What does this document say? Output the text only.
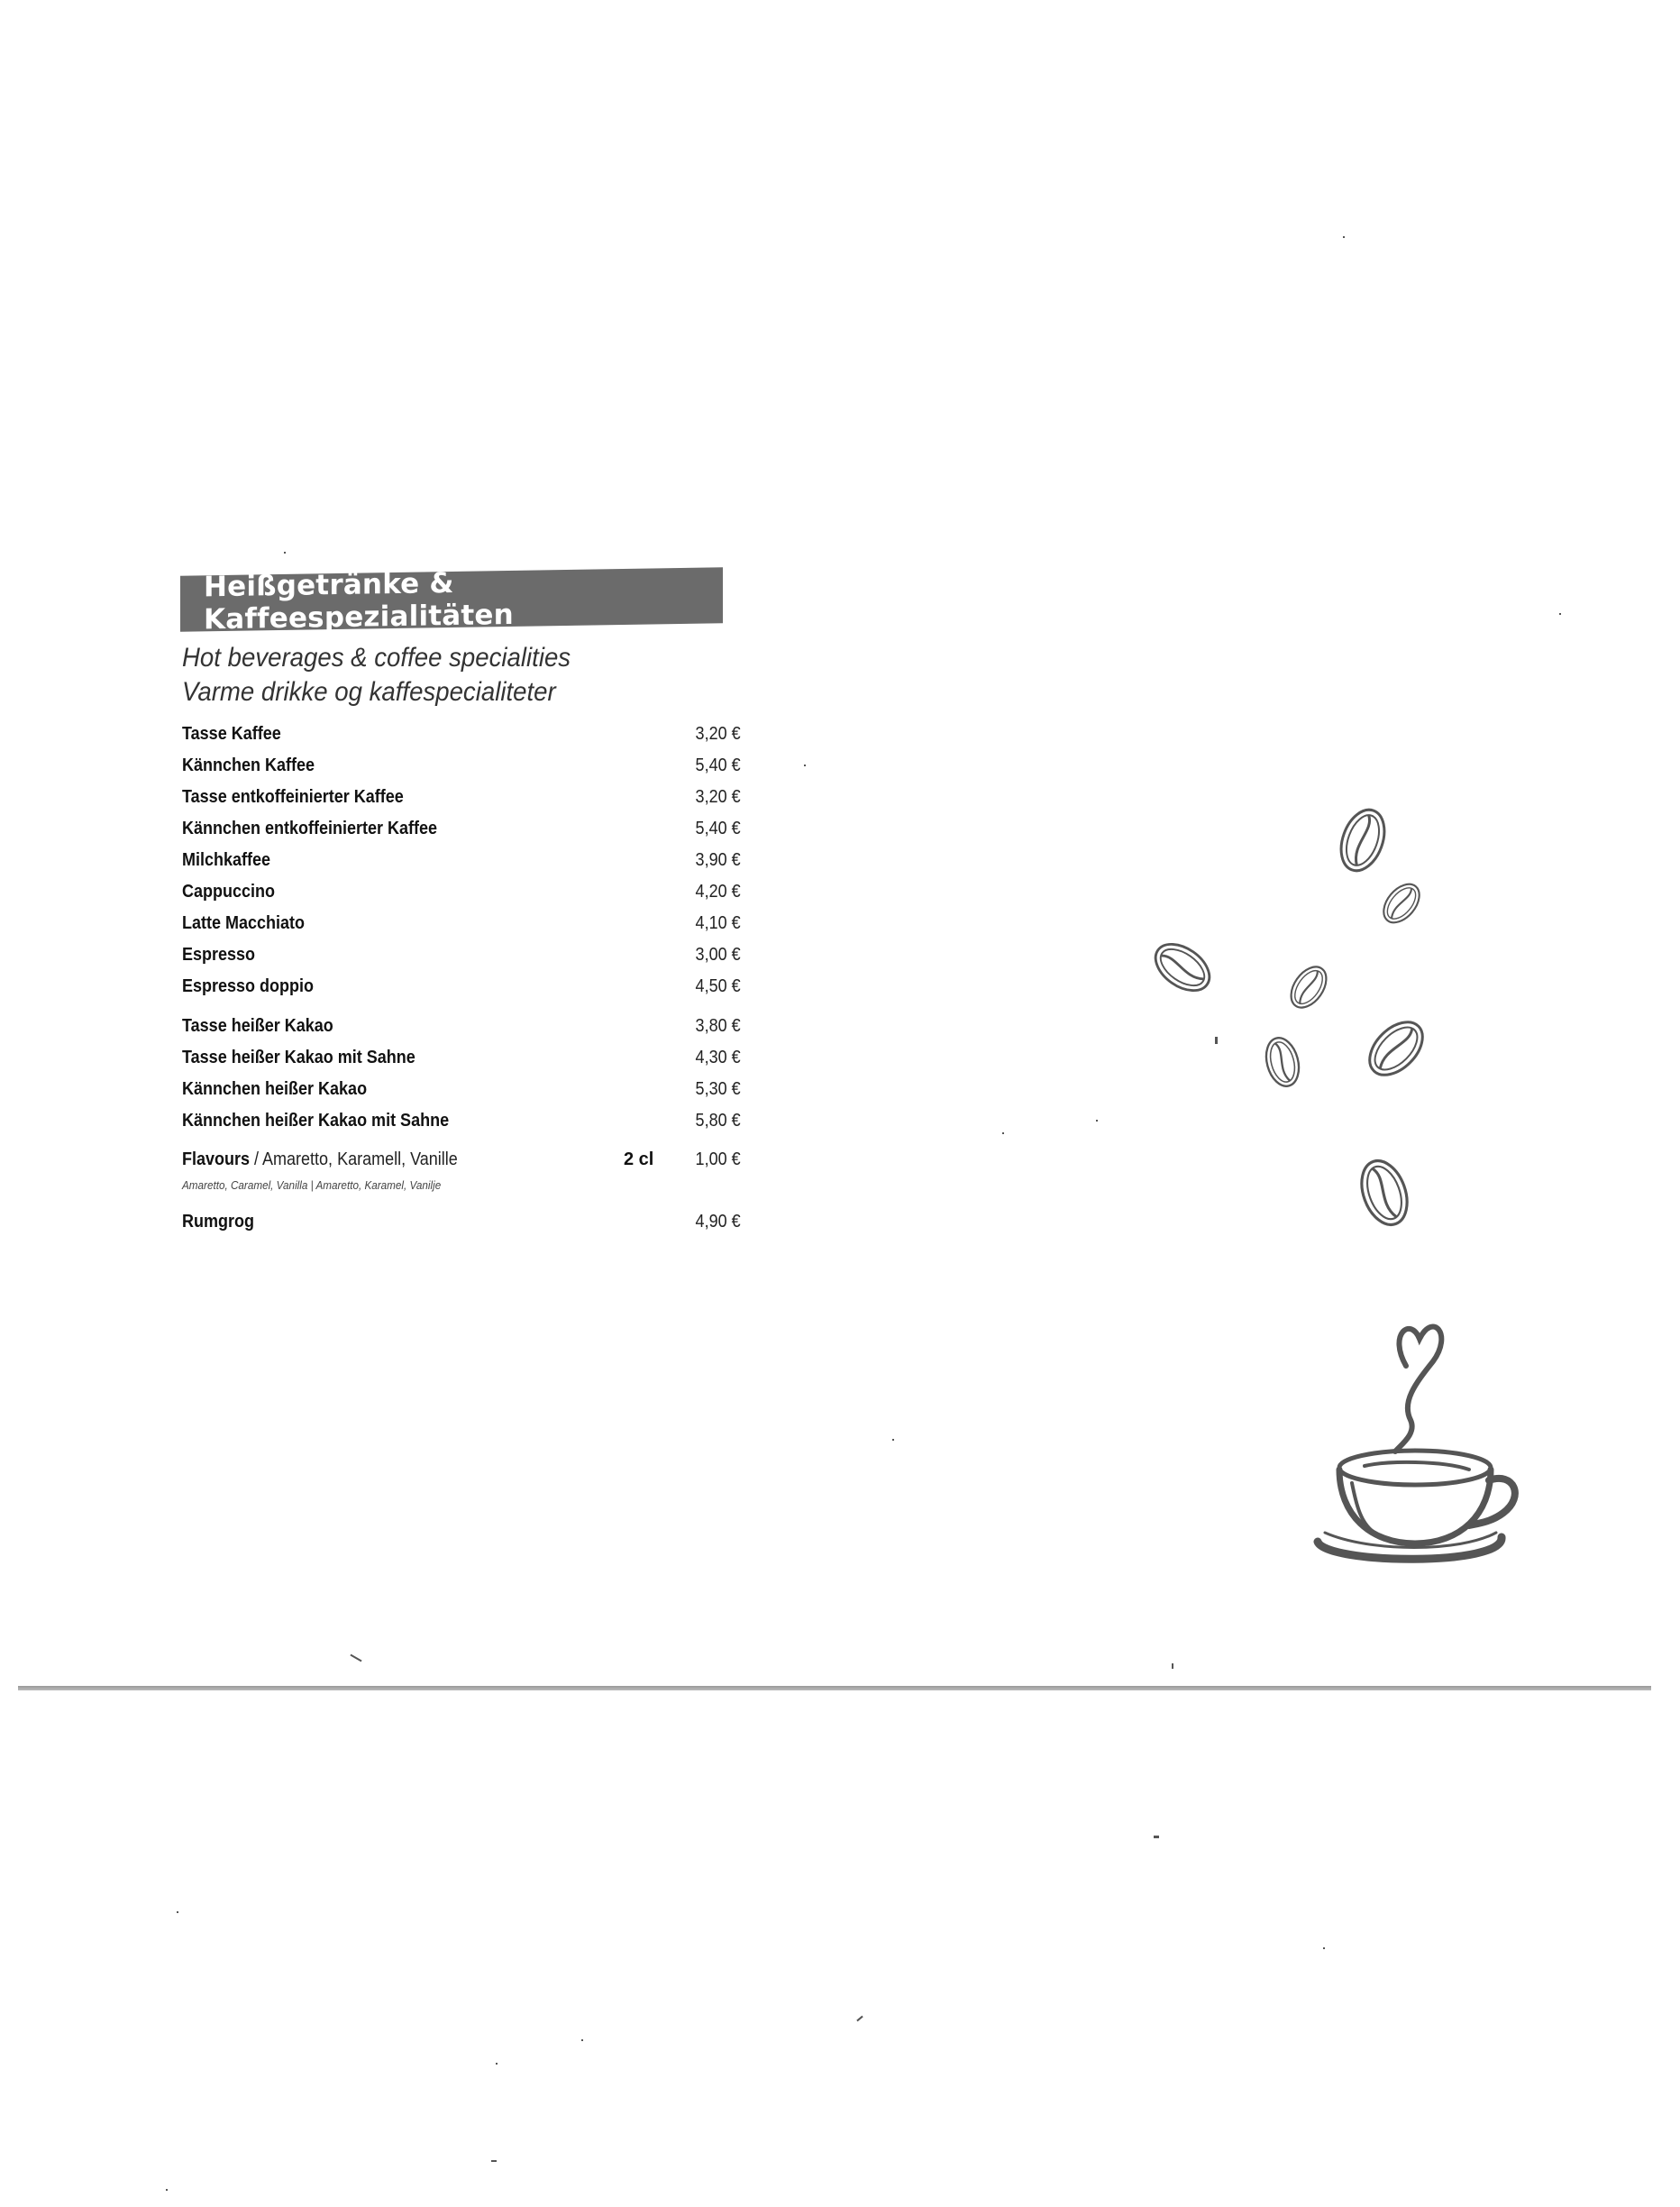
Heißgetränke & Kaffeespezialitäten
Hot beverages & coffee specialities
Varme drikke og kaffespecialiteter
Tasse Kaffee	3,20 €
Kännchen Kaffee	5,40 €
Tasse entkoffeinierter Kaffee	3,20 €
Kännchen entkoffeinierter Kaffee	5,40 €
Milchkaffee	3,90 €
Cappuccino	4,20 €
Latte Macchiato	4,10 €
Espresso	3,00 €
Espresso doppio	4,50 €
Tasse heißer Kakao	3,80 €
Tasse heißer Kakao mit Sahne	4,30 €
Kännchen heißer Kakao	5,30 €
Kännchen heißer Kakao mit Sahne	5,80 €
Flavours / Amaretto, Karamell, Vanille	2 cl 1,00 €
Amaretto, Caramel, Vanilla | Amaretto, Karamel, Vanilje
Rumgrog	4,90 €
